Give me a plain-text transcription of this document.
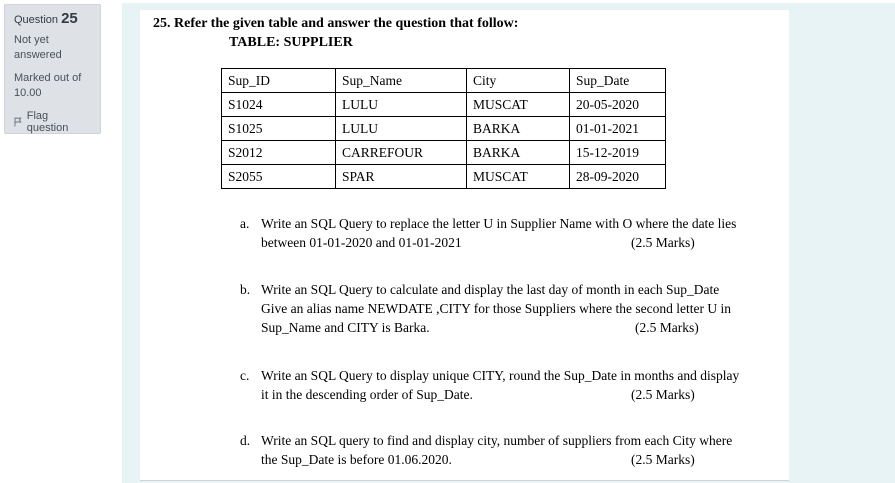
Question 25
Not yet
answered
Marked out of
10.00
Flag question
25. Refer the given table and answer the question that follow:
TABLE: SUPPLIER
Sup_ID	Sup_Name	City	Sup_Date
S1024	LULU	MUSCAT	20-05-2020
S1025	LULU	BARKA	01-01-2021
S2012	CARREFOUR	BARKA	15-12-2019
S2055	SPAR	MUSCAT	28-09-2020
a. Write an SQL Query to replace the letter U in Supplier Name with O where the date lies
between 01-01-2020 and 01-01-2021	(2.5 Marks)
b. Write an SQL Query to calculate and display the last day of month in each Sup_Date
Give an alias name NEWDATE ,CITY for those Suppliers where the second letter U in
Sup_Name and CITY is Barka.	(2.5 Marks)
c. Write an SQL Query to display unique CITY, round the Sup_Date in months and display
it in the descending order of Sup_Date.	(2.5 Marks)
d. Write an SQL query to find and display city, number of suppliers from each City where
the Sup_Date is before 01.06.2020.	(2.5 Marks)
